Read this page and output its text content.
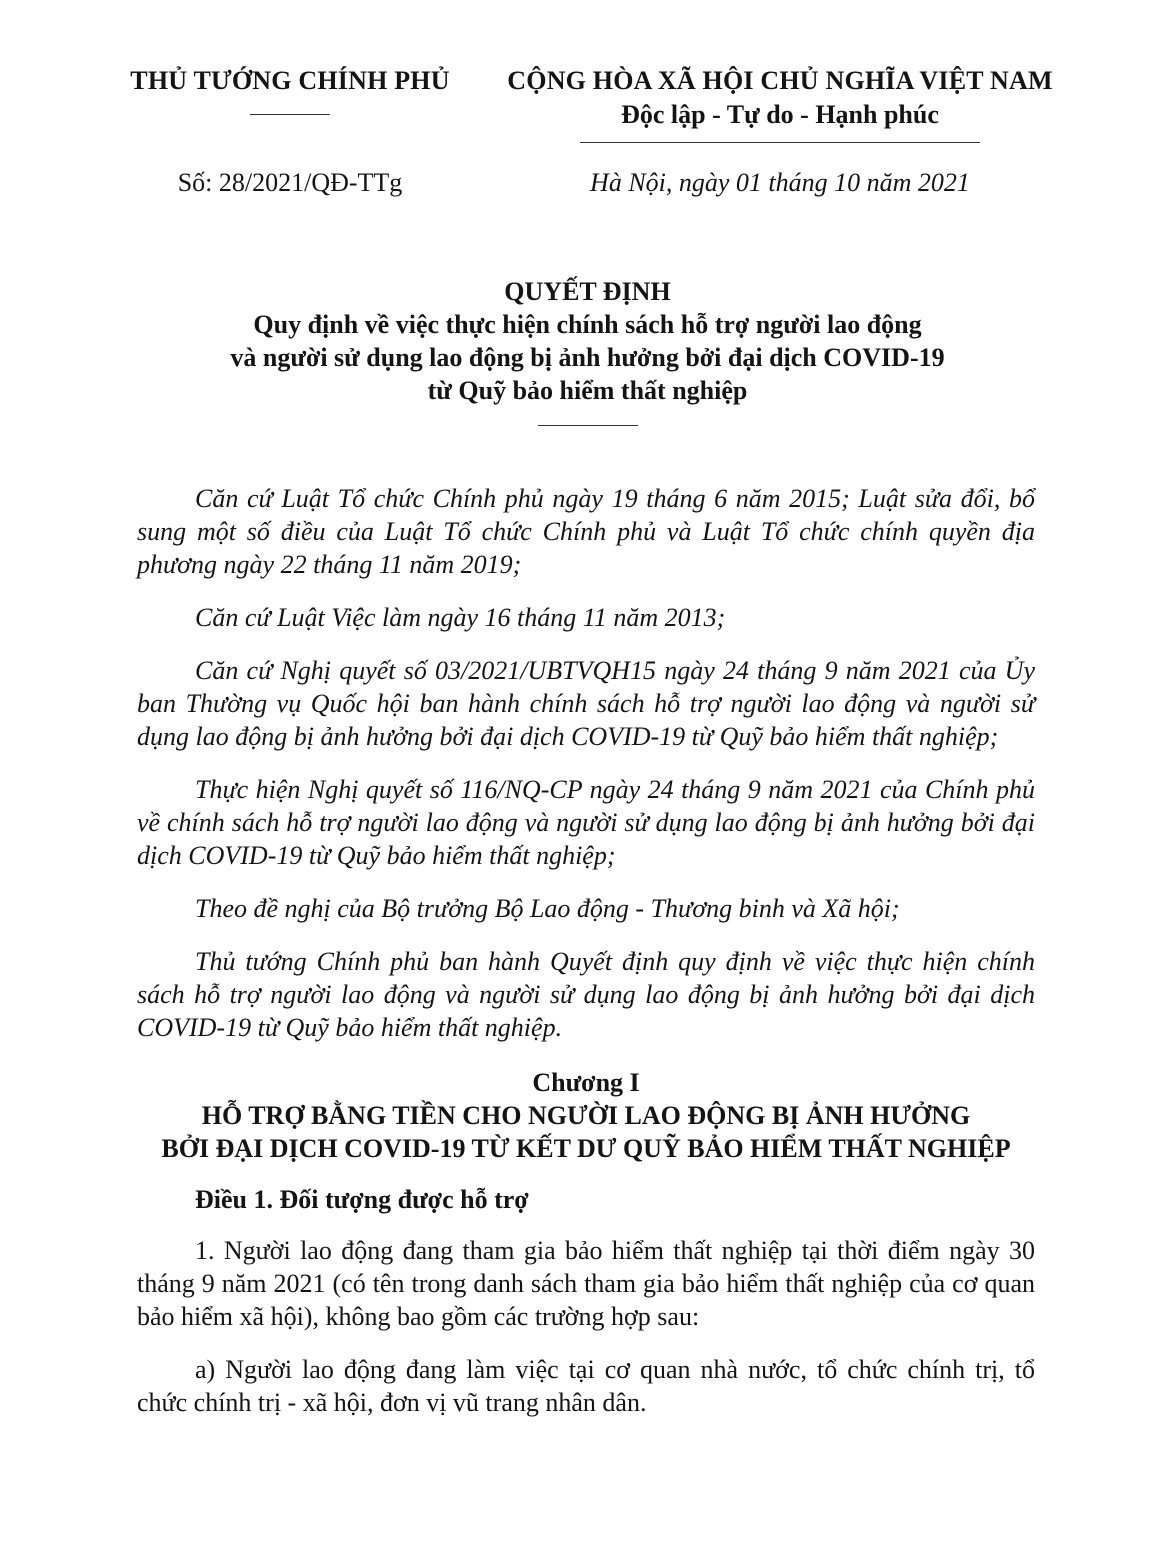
THỦ TƯỚNG CHÍNH PHỦ	CỘNG HÒA XÃ HỘI CHỦ NGHĨA VIỆT NAM
Độc lập - Tự do - Hạnh phúc
Số: 28/2021/QĐ-TTg	Hà Nội, ngày 01 tháng 10 năm 2021
QUYẾT ĐỊNH
Quy định về việc thực hiện chính sách hỗ trợ người lao động
và người sử dụng lao động bị ảnh hưởng bởi đại dịch COVID-19
từ Quỹ bảo hiểm thất nghiệp

Căn cứ Luật Tổ chức Chính phủ ngày 19 tháng 6 năm 2015; Luật sửa đổi, bổ sung một số điều của Luật Tổ chức Chính phủ và Luật Tổ chức chính quyền địa phương ngày 22 tháng 11 năm 2019;

Căn cứ Luật Việc làm ngày 16 tháng 11 năm 2013;

Căn cứ Nghị quyết số 03/2021/UBTVQH15 ngày 24 tháng 9 năm 2021 của Ủy ban Thường vụ Quốc hội ban hành chính sách hỗ trợ người lao động và người sử dụng lao động bị ảnh hưởng bởi đại dịch COVID-19 từ Quỹ bảo hiểm thất nghiệp;

Thực hiện Nghị quyết số 116/NQ-CP ngày 24 tháng 9 năm 2021 của Chính phủ về chính sách hỗ trợ người lao động và người sử dụng lao động bị ảnh hưởng bởi đại dịch COVID-19 từ Quỹ bảo hiểm thất nghiệp;

Theo đề nghị của Bộ trưởng Bộ Lao động - Thương binh và Xã hội;

Thủ tướng Chính phủ ban hành Quyết định quy định về việc thực hiện chính sách hỗ trợ người lao động và người sử dụng lao động bị ảnh hưởng bởi đại dịch COVID-19 từ Quỹ bảo hiểm thất nghiệp.

Chương I
HỖ TRỢ BẰNG TIỀN CHO NGƯỜI LAO ĐỘNG BỊ ẢNH HƯỞNG
BỞI ĐẠI DỊCH COVID-19 TỪ KẾT DƯ QUỸ BẢO HIỂM THẤT NGHIỆP
Điều 1. Đối tượng được hỗ trợ

1. Người lao động đang tham gia bảo hiểm thất nghiệp tại thời điểm ngày 30 tháng 9 năm 2021 (có tên trong danh sách tham gia bảo hiểm thất nghiệp của cơ quan bảo hiểm xã hội), không bao gồm các trường hợp sau:

a) Người lao động đang làm việc tại cơ quan nhà nước, tổ chức chính trị, tổ chức chính trị - xã hội, đơn vị vũ trang nhân dân.
